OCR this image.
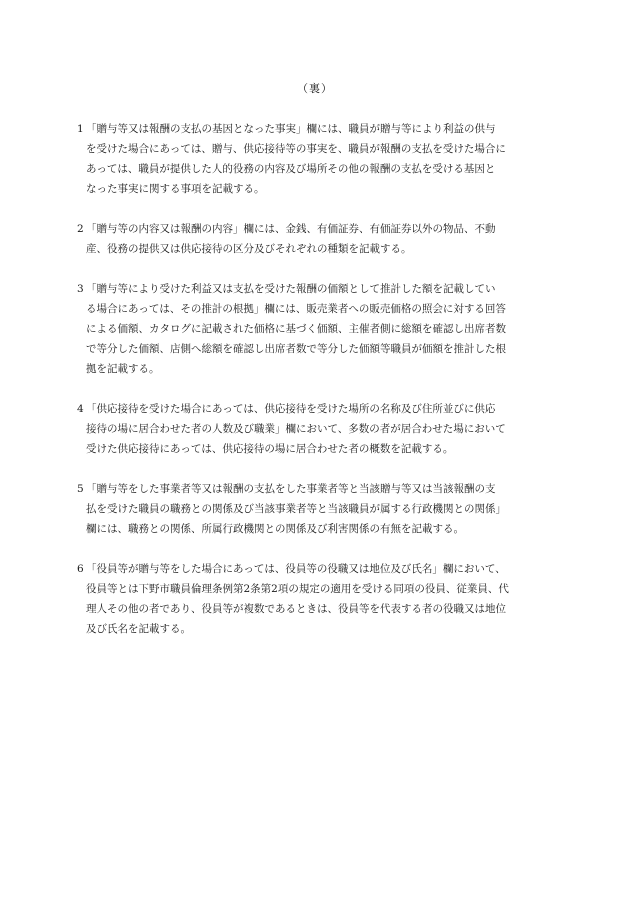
（裏）
1 「贈与等又は報酬の支払の基因となった事実」欄には、職員が贈与等により利益の供与
を受けた場合にあっては、贈与、供応接待等の事実を、職員が報酬の支払を受けた場合に
あっては、職員が提供した人的役務の内容及び場所その他の報酬の支払を受ける基因と
なった事実に関する事項を記載する。
2 「贈与等の内容又は報酬の内容」欄には、金銭、有価証券、有価証券以外の物品、不動
産、役務の提供又は供応接待の区分及びそれぞれの種類を記載する。
3 「贈与等により受けた利益又は支払を受けた報酬の価額として推計した額を記載してい
る場合にあっては、その推計の根拠」欄には、販売業者への販売価格の照会に対する回答
による価額、カタログに記載された価格に基づく価額、主催者側に総額を確認し出席者数
で等分した価額、店側へ総額を確認し出席者数で等分した価額等職員が価額を推計した根
拠を記載する。
4 「供応接待を受けた場合にあっては、供応接待を受けた場所の名称及び住所並びに供応
接待の場に居合わせた者の人数及び職業」欄において、多数の者が居合わせた場において
受けた供応接待にあっては、供応接待の場に居合わせた者の概数を記載する。
5 「贈与等をした事業者等又は報酬の支払をした事業者等と当該贈与等又は当該報酬の支
払を受けた職員の職務との関係及び当該事業者等と当該職員が属する行政機関との関係」
欄には、職務との関係、所属行政機関との関係及び利害関係の有無を記載する。
6 「役員等が贈与等をした場合にあっては、役員等の役職又は地位及び氏名」欄において、
役員等とは下野市職員倫理条例第2条第2項の規定の適用を受ける同項の役員、従業員、代
理人その他の者であり、役員等が複数であるときは、役員等を代表する者の役職又は地位
及び氏名を記載する。
